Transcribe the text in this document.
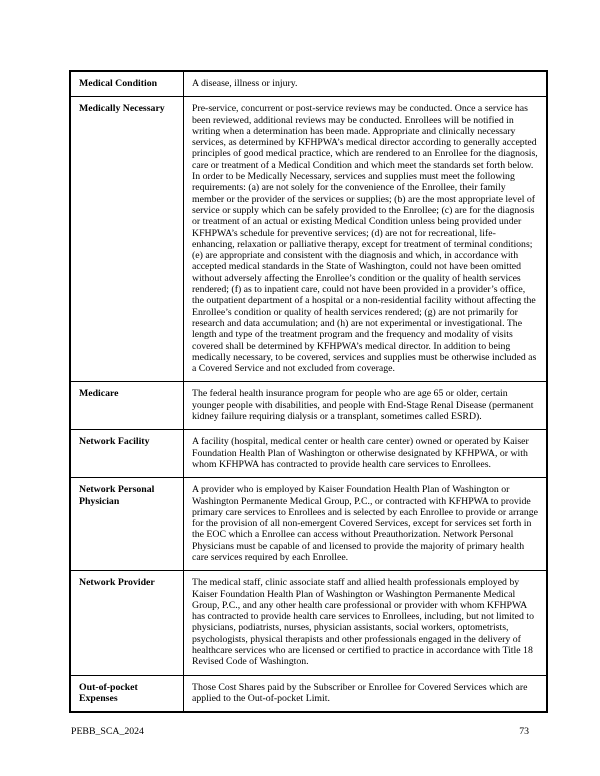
Medical Condition	A disease, illness or injury.
Medically Necessary	Pre-service, concurrent or post-service reviews may be conducted. Once a service has been reviewed, additional reviews may be conducted. Enrollees will be notified in writing when a determination has been made. Appropriate and clinically necessary services, as determined by KFHPWA’s medical director according to generally accepted principles of good medical practice, which are rendered to an Enrollee for the diagnosis, care or treatment of a Medical Condition and which meet the standards set forth below. In order to be Medically Necessary, services and supplies must meet the following requirements: (a) are not solely for the convenience of the Enrollee, their family member or the provider of the services or supplies; (b) are the most appropriate level of service or supply which can be safely provided to the Enrollee; (c) are for the diagnosis or treatment of an actual or existing Medical Condition unless being provided under KFHPWA’s schedule for preventive services; (d) are not for recreational, life-enhancing, relaxation or palliative therapy, except for treatment of terminal conditions; (e) are appropriate and consistent with the diagnosis and which, in accordance with accepted medical standards in the State of Washington, could not have been omitted without adversely affecting the Enrollee’s condition or the quality of health services rendered; (f) as to inpatient care, could not have been provided in a provider’s office, the outpatient department of a hospital or a non-residential facility without affecting the Enrollee’s condition or quality of health services rendered; (g) are not primarily for research and data accumulation; and (h) are not experimental or investigational. The length and type of the treatment program and the frequency and modality of visits covered shall be determined by KFHPWA’s medical director. In addition to being medically necessary, to be covered, services and supplies must be otherwise included as a Covered Service and not excluded from coverage.
Medicare	The federal health insurance program for people who are age 65 or older, certain younger people with disabilities, and people with End-Stage Renal Disease (permanent kidney failure requiring dialysis or a transplant, sometimes called ESRD).
Network Facility	A facility (hospital, medical center or health care center) owned or operated by Kaiser Foundation Health Plan of Washington or otherwise designated by KFHPWA, or with whom KFHPWA has contracted to provide health care services to Enrollees.
Network Personal Physician	A provider who is employed by Kaiser Foundation Health Plan of Washington or Washington Permanente Medical Group, P.C., or contracted with KFHPWA to provide primary care services to Enrollees and is selected by each Enrollee to provide or arrange for the provision of all non-emergent Covered Services, except for services set forth in the EOC which a Enrollee can access without Preauthorization. Network Personal Physicians must be capable of and licensed to provide the majority of primary health care services required by each Enrollee.
Network Provider	The medical staff, clinic associate staff and allied health professionals employed by Kaiser Foundation Health Plan of Washington or Washington Permanente Medical Group, P.C., and any other health care professional or provider with whom KFHPWA has contracted to provide health care services to Enrollees, including, but not limited to physicians, podiatrists, nurses, physician assistants, social workers, optometrists, psychologists, physical therapists and other professionals engaged in the delivery of healthcare services who are licensed or certified to practice in accordance with Title 18 Revised Code of Washington.
Out-of-pocket Expenses	Those Cost Shares paid by the Subscriber or Enrollee for Covered Services which are applied to the Out-of-pocket Limit.
PEBB_SCA_2024	73
